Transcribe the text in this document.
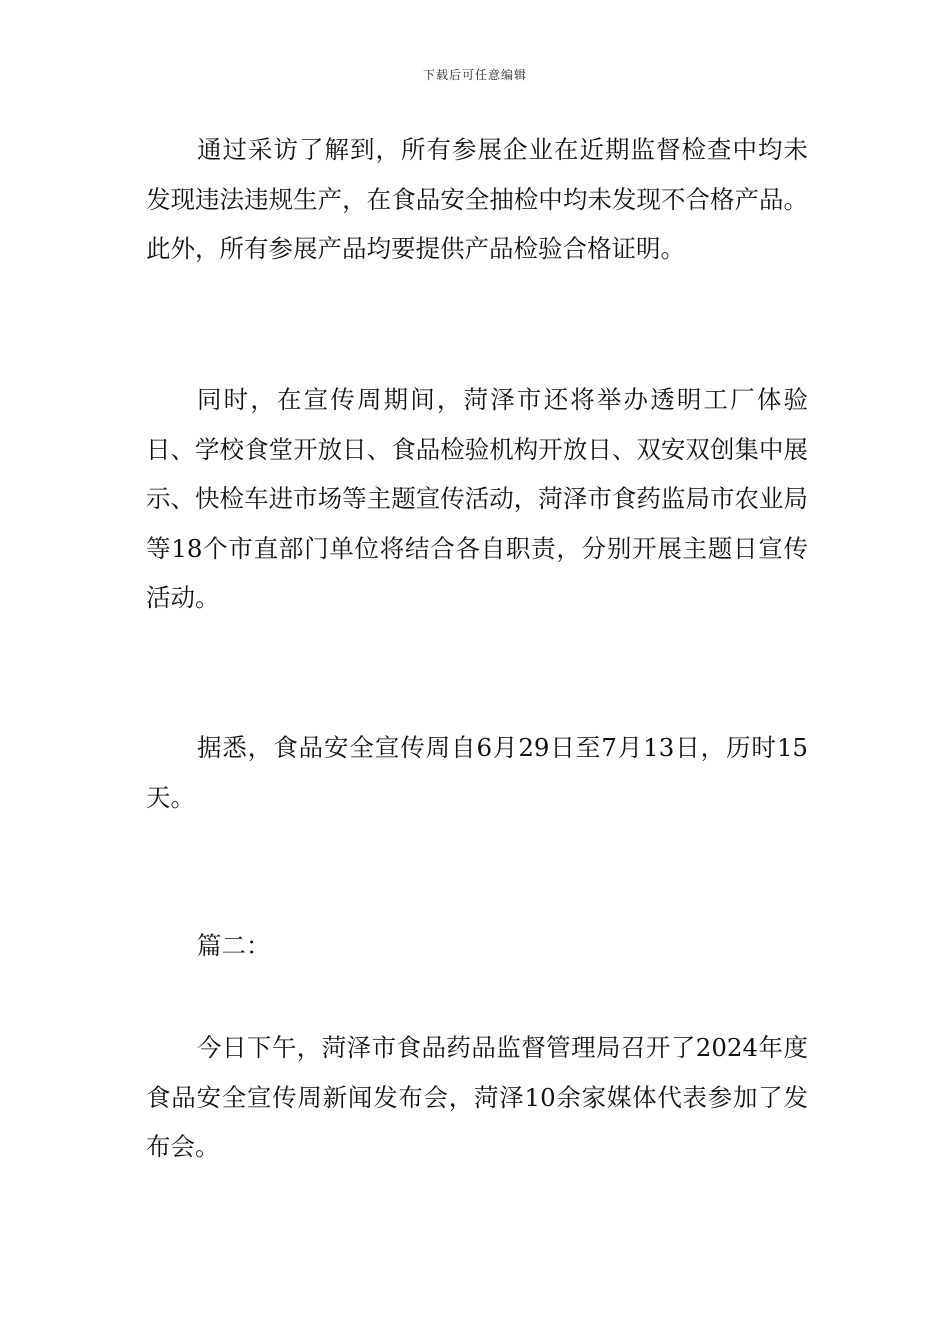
下载后可任意编辑

通过采访了解到，所有参展企业在近期监督检查中均未发现违法违规生产，在食品安全抽检中均未发现不合格产品。此外，所有参展产品均要提供产品检验合格证明。

同时，在宣传周期间，菏泽市还将举办透明工厂体验日、学校食堂开放日、食品检验机构开放日、双安双创集中展示、快检车进市场等主题宣传活动，菏泽市食药监局市农业局等18个市直部门单位将结合各自职责，分别开展主题日宣传活动。

据悉，食品安全宣传周自6月29日至7月13日，历时15天。

篇二：

今日下午，菏泽市食品药品监督管理局召开了2024年度食品安全宣传周新闻发布会，菏泽10余家媒体代表参加了发布会。
